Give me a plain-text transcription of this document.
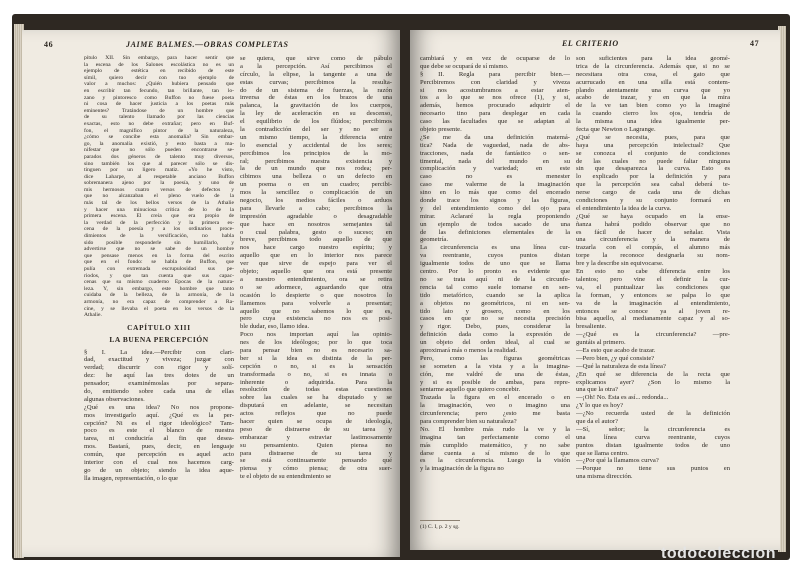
46	JAIME BALMES.—OBRAS COMPLETAS
pítulo XII. Sin embargo, para hacer sentir que
la escena de los Salones escolástica no es un
ejemplo de estética en recibido de este
símil, quiero decir con tuo ejemplo de
valor a muchos: ¿Quién hubiera pensado que
en escribir tan fecundo, tan brillante, tan lo-
zano y pintoresco como Buffon no fuese poeta
ni cosa de hacer justicia a los poetas más
eminentes? Tratándose de un hombre que
de su talento llamado por las ciencias
exactas, esto no debe extrañar; pero en Buf-
fon, el magnífico pintor de la naturaleza,
¿cómo se concibe esta anomalía? Sin embar-
go, la anomalía existió, y esto basta a ma-
nifestar que no sólo pueden encontrarse se-
parados dos géneros de talento muy diversos,
sino también los que al parecer sólo se dis-
tinguen por un ligero matiz. «Yo he visto,
dice Laharpe, al respetable anciano Buffon
sobremanera ajeno por la poesía, y uno de
mis hermosos cuatro versos de defectos y
que no alcanzaban el pleno vuelo de la
más tal de los bellos versos de la Athalie
y hacer una minuciosa crítica de lo de la
primera escena. Él creía que era propio de
la verdad de la perfección y la primera es-
cena de la poesía y a los ordinarios proce-
dimientos de la versificación, no habla
sido posible responderle sin humillarlo, y
advertirse que no se sabe de un hombre
que pensase menos en la forma del escrito
que en el fondo: se habla de Buffon, que
pulía con extremada escrupulosidad sus pe-
riodos, y que tan cuenta que sus capac-
cenas que su mismo cuaderno Épocas de la natura-
leza. Y, sin embargo, este hombre que tanto
cuidaba de la belleza, de la armonía, de la
armonía, no era capaz de comprender a Ra-
cine, y se llevaba el poeta en los versos de la
Athalie.
CAPÍTULO XIII
LA BUENA PERCEPCIÓN
§ I. La idea.—Percibir con clari-
dad, exactitud y viveza; juzgar con
verdad; discurrir con rigor y solí-
dez: he aquí las tres dotes de un
pensador; examinémoslas por separa-
do, emitiendo sobre cada una de ellas
algunas observaciones.
¿Qué es una idea? No nos propone-
mos investigarlo aquí. ¿Qué es la per-
cepción? Ni es el rigor ideológico? Tam-
poco es este el blanco de nuestra
tarea, ni conduciría al fin que desea-
mos. Bastará, pues, decir, en lenguaje
común, que percepción es aquel acto
interior con el cual nos hacemos carg-
go de un objeto; siendo la idea aque-
lla imagen, representación, o lo que
se quiera, que sirve como de pábulo
a la percepción. Así percibimos el
círculo, la elipse, la tangente a una de
estas curvas; percibimos la resulta-
do de un sistema de fuerzas, la razón
inversa de éstas en los brazos de una
palanca, la gravitación de los cuerpos,
la ley de aceleración en su descenso,
el equilibrio de los flúidos; percibimos
la contradicción del ser y no ser a
un mismo tiempo, la diferencia entre
lo esencial y accidental de los seres;
percibimos los principios de la mo-
ral; percibimos nuestra existencia y
la de un mundo que nos rodea; per-
cibimos una belleza o un defecto en
un poema o en un cuadro; percibi-
mos la sencillez o complicación de un
negocio, los medios fáciles o arduos
para llevarle a cabo; percibimos la
impresión agradable o desagradable
que hace en nosotros semejantes tal
o cual palabra, gesto o suceso; en
breve, percibimos todo aquello de que
nos hace cargo nuestro espíritu; y
aquello que en lo interior nos parece
ver que sirve de espejo para ver el
objeto; aquello que ora está presente
a nuestro entendimiento, ora se retira
o se adormece, aguardando que otra
ocasión lo despierte o que nosotros lo
llamemos para volverle a presentar;
aquello que no sabemos lo que es,
pero cuya existencia no nos es posi-
ble dudar, eso, llamo idea.
Poco nos importan aquí las opinio-
nes de los ideólogos; por lo que toca
para pensar bien no es necesario sa-
ber si la idea es distinta de la per-
cepción o no, si es la sensación
transformada o no, si es innata o
inherente o adquirida. Para la
resolución de todas estas cuestiones
sobre las cuales se ha disputado y se
disputará en adelante, se necesitan
actos reflejos que no puede
hacer quien se ocupa de ideología,
peso de distraerse de su tarea y
embarazar y estraviar lastimosamente
su pensamiento. Quien piensa no
para distraerse de su tarea y
se está continuamente pensando qué
piensa y cómo piensa; de otra suer-
te el objeto de su entendimiento se
EL CRITERIO	47
cambiará y en vez de ocuparse de lo
que debe se ocupará de sí mismo.
§ II. Regla para percibir bien.—
Percibiremos con claridad y viveza
si nos acostumbramos a estar aten-
tos a lo que se nos ofrece (1), y si,
además, hemos procurado adquirir el
necesario tino para desplegar en cada
caso las facultades que se adaptan al
objeto presente.
¿Se me da una definición matemá-
tica? Nada de vaguedad, nada de abs-
tracciones, nada de fantástico o sen-
timental, nada del mundo en su
complicación y variedad; en este
caso no es menester
caso me valerme de la imaginación
sino en lo más que como del encerado
donde trace los signos y las figuras,
y del entendimiento como del ojo para
mirar. Aclararé la regla proponiendo
un ejemplo de todos sacado de una
de las definiciones elementales de la
geometría.
La circunferencia es una línea cur-
va reentrante, cuyos puntos distan
igualmente todos de uno que se llama
centro. Por lo pronto es evidente que
no se trata aquí ni de la circunfe-
rencia tal como suele tomarse en sen-
tido metafórico, cuando se la aplica
a objetos no geométricos, ni en sen-
tido lato y grosero, como en los
casos en que no se necesita precisión
y rigor. Debo, pues, considerar la
definición dada como la expresión de
un objeto del orden ideal, al cual se
aproximará más o menos la realidad.
Pero, como las figuras geométricas
se someten a la vista y a la imagina-
ción, me valdré de una de éstas,
y si es posible de ambas, para repre-
sentarme aquello que quiero concebir.
Trazada la figura en el encerado o en
la imaginación, veo o imagino una
circunferencia; pero ¿esto me basta
para comprender bien su naturaleza?
No. El hombre más rudo la ve y la
imagina tan perfectamente como el
más cumplido matemático, y no sabe
darse cuenta a sí mismo de lo que
es la circunferencia. Luego la visión
y la imaginación de la figura no
(1) C. I, p. 2 y sg.
son suficientes para la idea geomé-
trica de la circunferencia. Además que, si no se
necesitara otra cosa, el gato que
acurrucado en una silla está contem-
plando atentamente una curva que yo
acabo de trazar, y en que la mira
de la ve tan bien como yo la imaginé
la cuando cierro los ojos, tendría de
la misma una idea igualmente per-
fecta que Newton o Lagrange.
¿Qué se necesita, pues, para que
haya una percepción intelectual? Que
se conozca el conjunto de condiciones
de las cuales no puede faltar ninguna
sin que desaparezca la curva. Esto es
lo explicado por la definición y para
que la percepción sea cabal deberá te-
nerse cargo de cada una de dichas
condiciones y su conjunto formará en
el entendimiento la idea de la curva.
¿Qué se haya ocupado en la ense-
ñanza habrá podido observar que no
es fácil de hacer de señalar. Vista
una circunferencia y la manera de
trazarla con el compás, el alumno más
torpe la reconoce designarla su nom-
bre y la describe sin equivocarse.
En esto no cabe diferencia entre los
talentos; pero vine el definir la cur-
va, el puntualizar las condiciones que
la forman, y entonces se palpa lo que
va de la imaginación al entendimiento,
entonces se conoce ya al joven re-
bisa aquello, al medianamente capaz y al so-
bresaliente.
—¿Qué es la circunferencia? —pre-
guntáis al primero.
—Es esto que acabo de trazar.
—Pero bien, ¿y qué consiste?
—Qué la naturaleza de esta línea?
¿En qué se diferencia de la recta que
explicamos ayer? ¿Son lo mismo la
una que la otra?
—¡Oh! No. Ésta es así... redonda...
¿Y lo que es hoy?
—¿No recuerda usted de la definición
que da el autor?
—Sí, señor; la circunferencia es
una línea curva reentrante, cuyos
puntos distan igualmente todos de uno
que se llama centro.
—¿Por qué la llamamos curva?
—Porque no tiene sus puntos en
una misma dirección.
todocoleccion
